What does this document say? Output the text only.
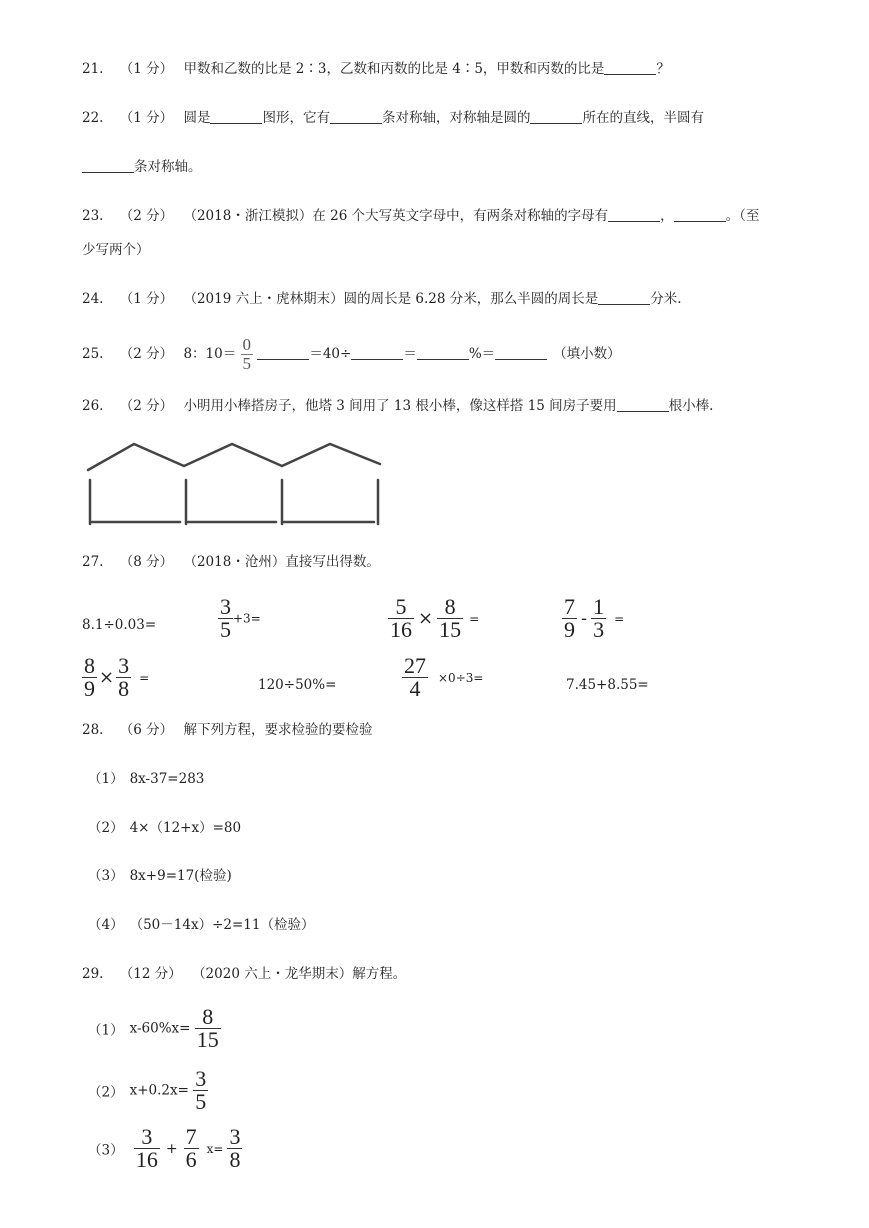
21. （1 分） 甲数和乙数的比是 2∶3，乙数和丙数的比是 4∶5，甲数和丙数的比是	？
22. （1 分） 圆是	图形，它有	条对称轴，对称轴是圆的	所在的直线，半圆有
条对称轴。
23. （2 分） （2018・浙江模拟）在 26 个大写英文字母中，有两条对称轴的字母有	，	。（至
少写两个）
24. （1 分） （2019 六上・虎林期末）圆的周长是 6.28 分米，那么半圆的周长是	分米.
25. （2 分） 8：$10= \frac{0}{5}$	＝40÷	＝	%＝	（填小数）
26. （2 分） 小明用小棒搭房子，他塔 3 间用了 13 根小棒，像这样搭 15 间房子要用	根小棒.
27. （8 分） （2018・沧州）直接写出得数。
8.1÷0.03=	$\frac{3}{5} +3=$	$\frac{5}{16} \times \frac{8}{15}$ =	$\frac{7}{9} - \frac{1}{3}$ =
$\frac{8}{9} \times \frac{3}{8}$ =	120÷50%=	$\frac{27}{4} \times 0\div 3=$	7.45+8.55=
28. （6 分） 解下列方程，要求检验的要检验
（1） 8x-37=283
（2） 4×（12+x）=80
（3） 8x+9=17(检验)
（4） （50－14x）÷2=11（检验）
29. （12 分） （2020 六上・龙华期末）解方程。
（1） $x-60\%x= \frac{8}{15}$
（2） $x+0.2x= \frac{3}{5}$
$(3) \frac{3}{16} + \frac{7}{6} x= \frac{3}{8}$
